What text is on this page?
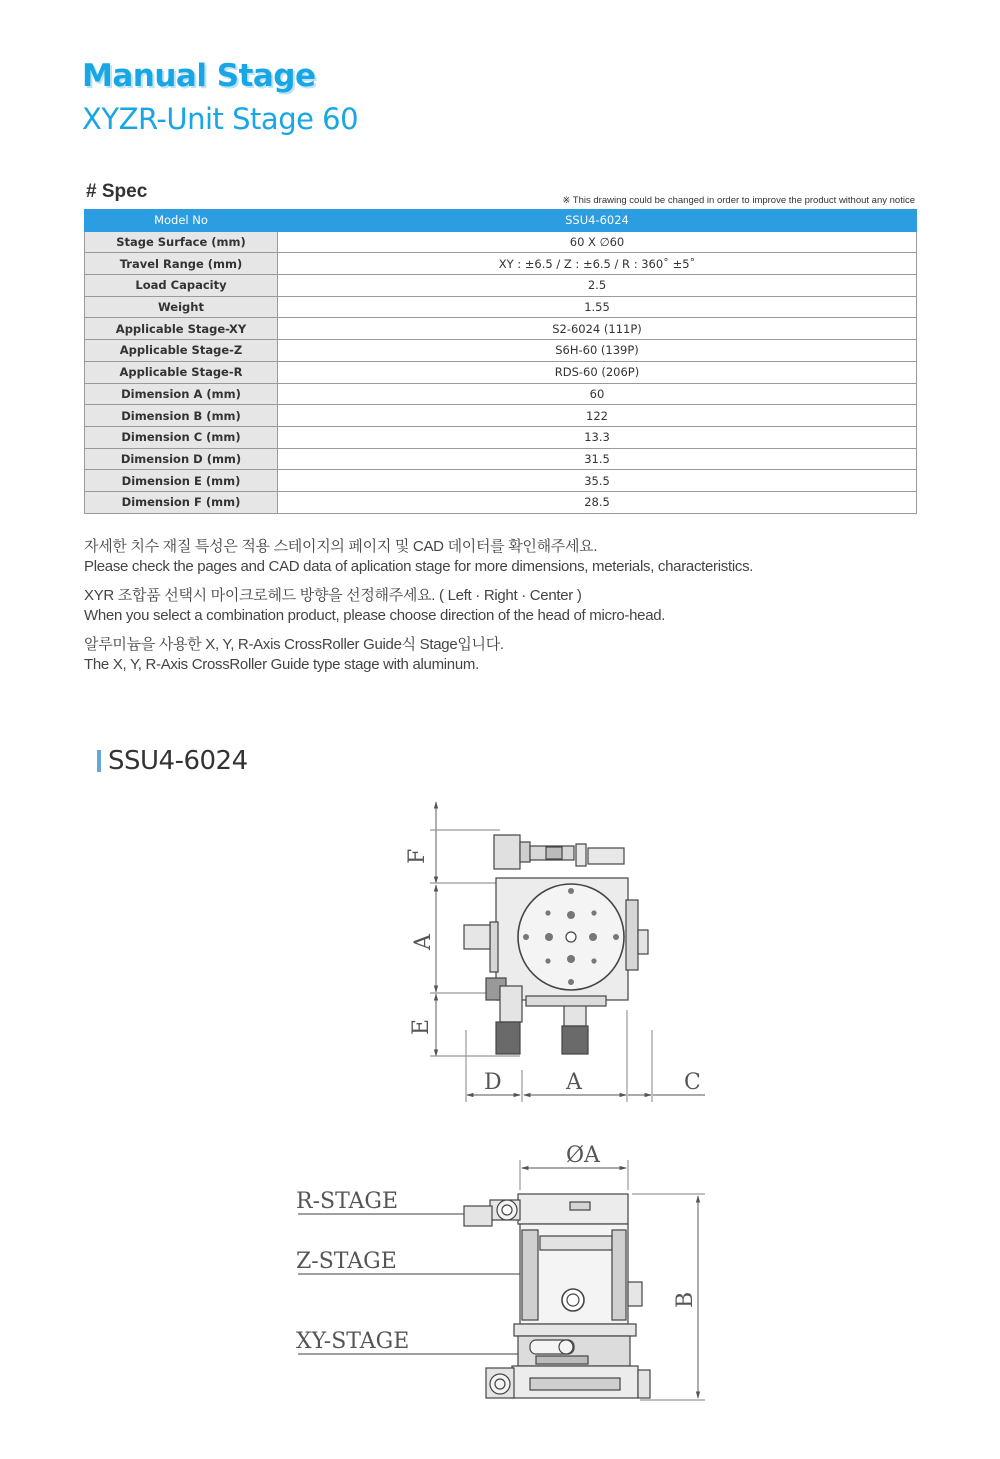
Manual Stage
XYZR-Unit Stage 60
# Spec	※ This drawing could be changed in order to improve the product without any notice
Model No	SSU4-6024
Stage Surface (mm)	60 X ∅60
Travel Range (mm)	XY : ±6.5 / Z : ±6.5 / R : 360˚ ±5˚
Load Capacity	2.5
Weight	1.55
Applicable Stage-XY	S2-6024 (111P)
Applicable Stage-Z	S6H-60 (139P)
Applicable Stage-R	RDS-60 (206P)
Dimension A (mm)	60
Dimension B (mm)	122
Dimension C (mm)	13.3
Dimension D (mm)	31.5
Dimension E (mm)	35.5
Dimension F (mm)	28.5
자세한 치수 재질 특성은 적용 스테이지의 페이지 및 CAD 데이터를 확인해주세요.
Please check the pages and CAD data of aplication stage for more dimensions, meterials, characteristics.
XYR 조합품 선택시 마이크로헤드 방향을 선정해주세요. ( Left · Right · Center )
When you select a combination product, please choose direction of the head of micro-head.
알루미늄을 사용한 X, Y, R-Axis CrossRoller Guide식 Stage입니다.
The X, Y, R-Axis CrossRoller Guide type stage with aluminum.
SSU4-6024
F
A
E
D	A	C
ØA
B
R-STAGE
Z-STAGE
XY-STAGE
